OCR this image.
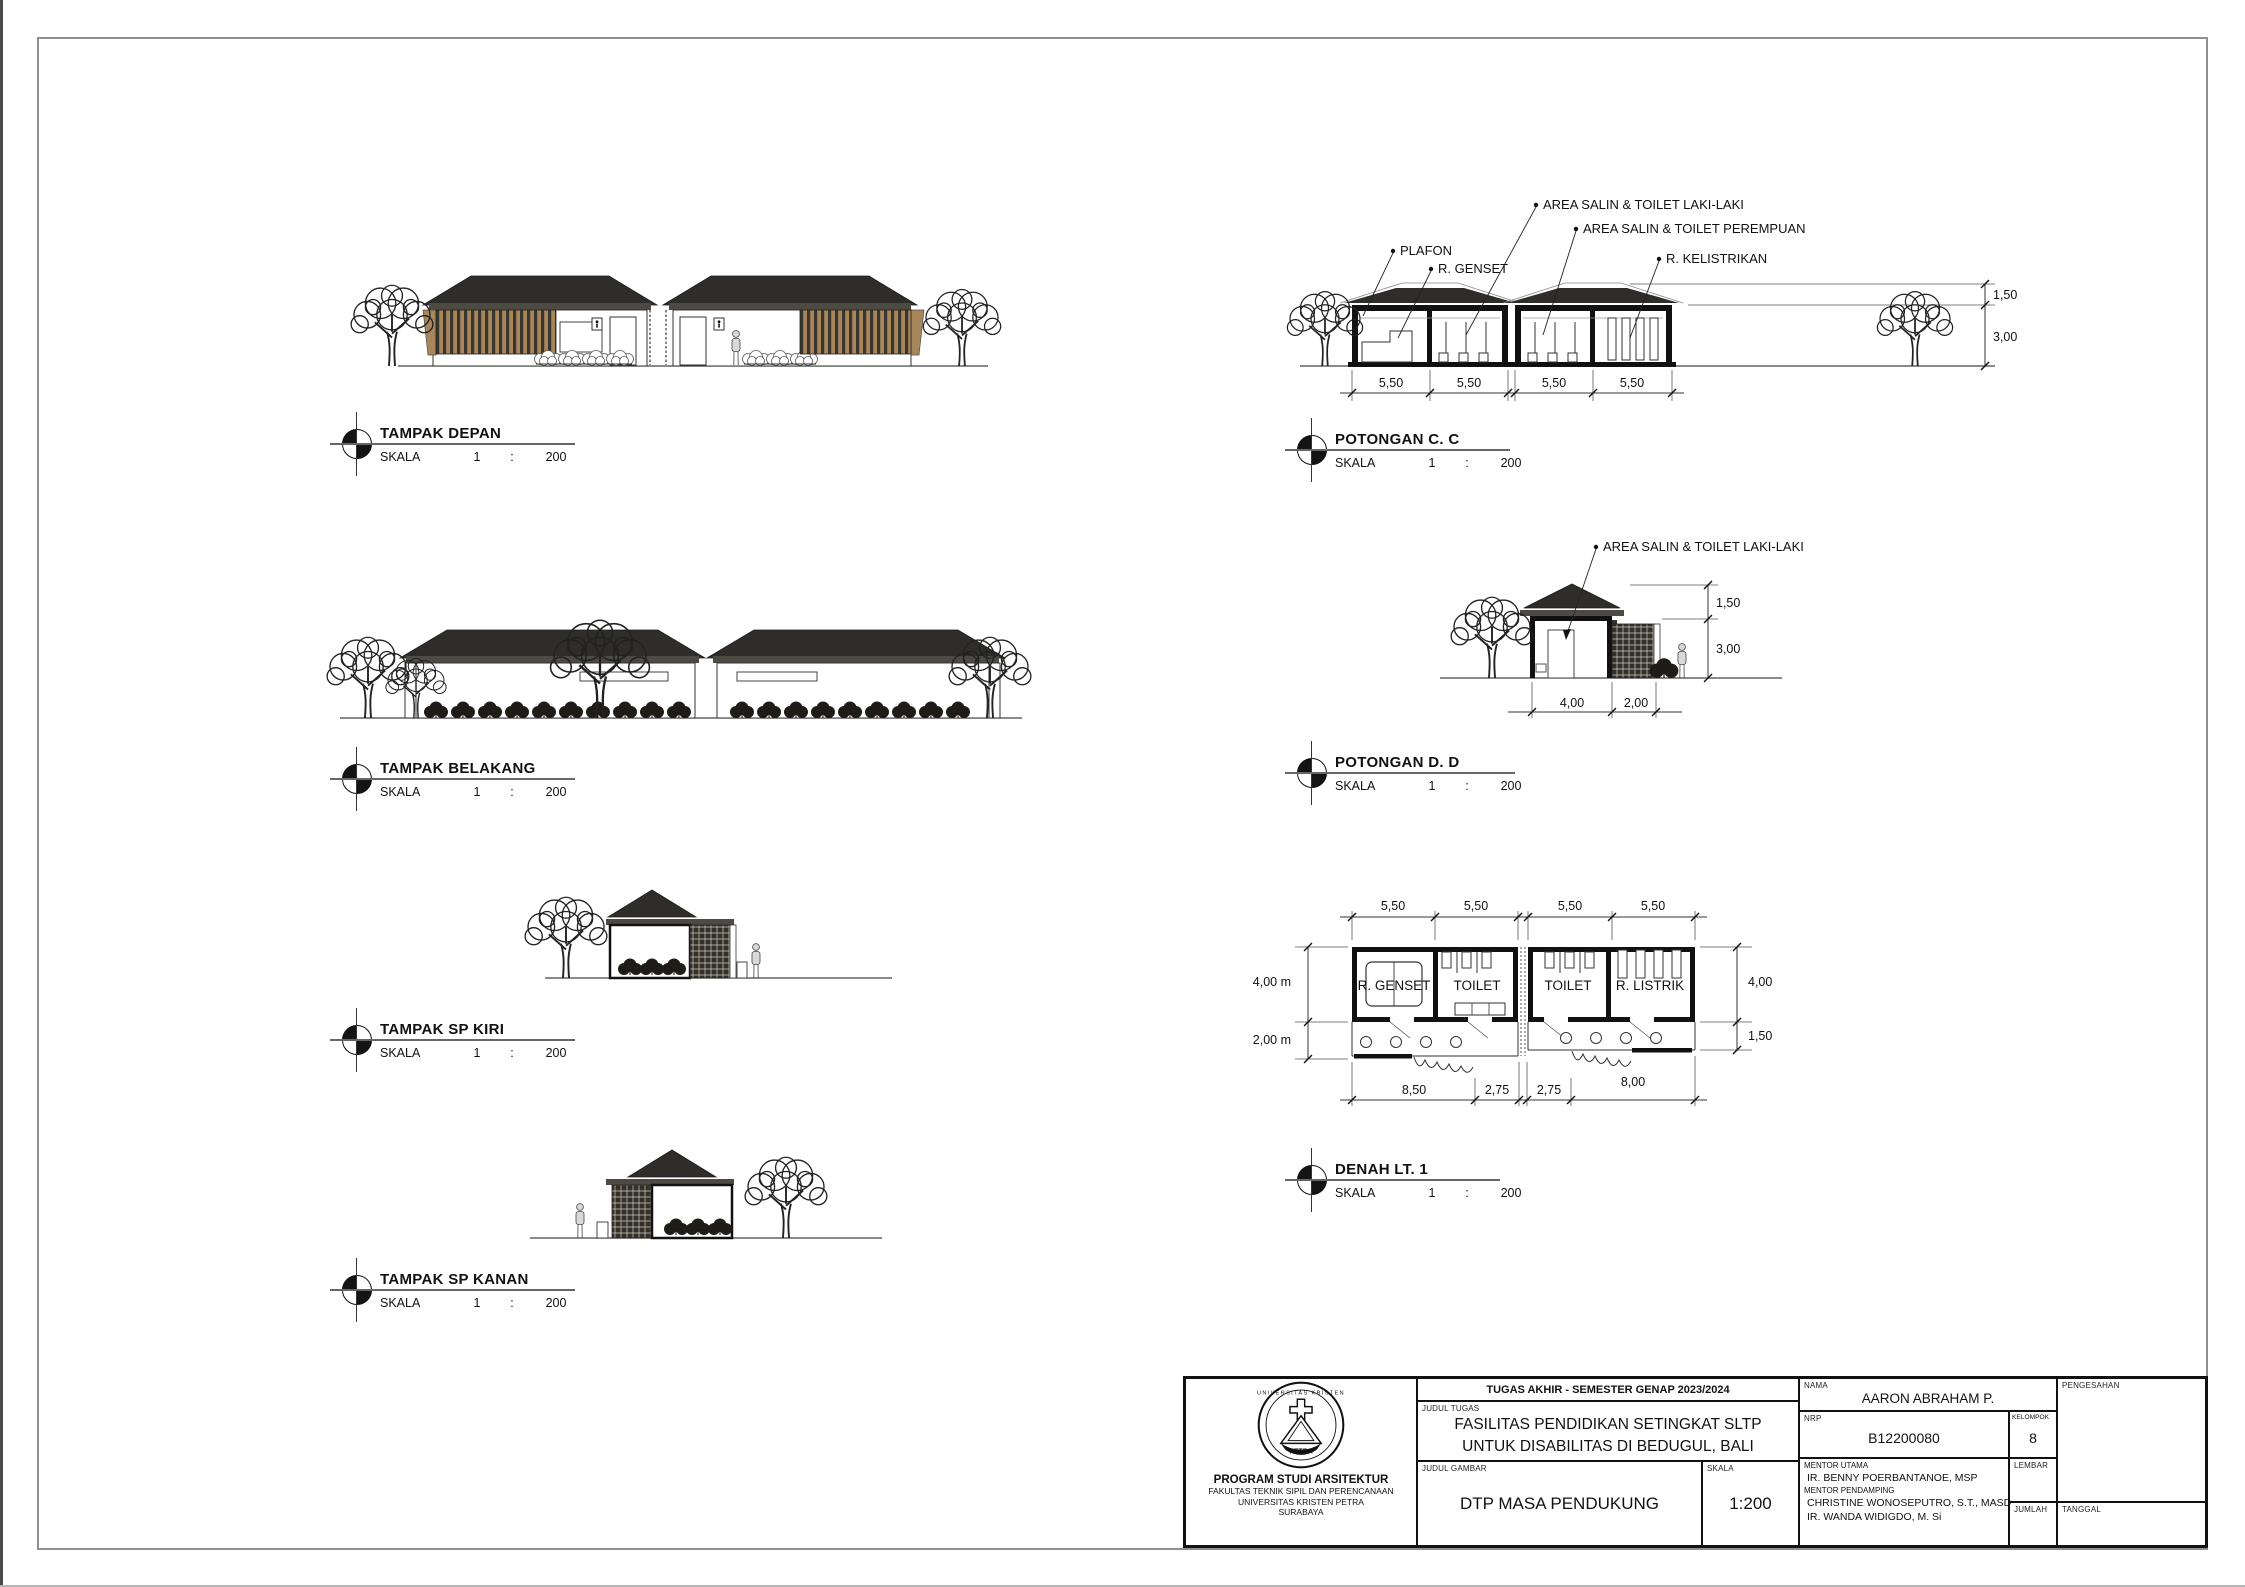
AREA SALIN & TOILET LAKI-LAKI
AREA SALIN & TOILET PEREMPUAN
PLAFON
R. GENSET
R. KELISTRIKAN
1,50
3,00
5,50	5,50	5,50	5,50
AREA SALIN & TOILET LAKI-LAKI
1,50
3,00
4,00	2,00
5,50	5,50	5,50	5,50
R. GENSET TOILET	TOILET R. LISTRIK
4,00 m
2,00 m
4,00
1,50
8,50	2,75 2,75
8,00
TAMPAK DEPAN
SKALA	1	:	200
POTONGAN C. C
SKALA	1	:	200
TAMPAK BELAKANG
SKALA	1	:	200
POTONGAN D. D
SKALA	1	:	200
TAMPAK SP KIRI
SKALA	1	:	200
DENAH LT. 1
SKALA	1	:	200
TAMPAK SP KANAN
SKALA	1	:	200
UNIVERSITAS KRISTEN
PETRA
PROGRAM STUDI ARSITEKTUR
FAKULTAS TEKNIK SIPIL DAN PERENCANAAN
UNIVERSITAS KRISTEN PETRA
SURABAYA
TUGAS AKHIR - SEMESTER GENAP 2023/2024
JUDUL TUGAS
FASILITAS PENDIDIKAN SETINGKAT SLTP
UNTUK DISABILITAS DI BEDUGUL, BALI
JUDUL GAMBAR
DTP MASA PENDUKUNG
SKALA
1:200
NAMA
AARON ABRAHAM P.
NRP
B12200080
KELOMPOK
8
MENTOR UTAMA
IR. BENNY POERBANTANOE, MSP
MENTOR PENDAMPING
CHRISTINE WONOSEPUTRO, S.T., MASD
IR. WANDA WIDIGDO, M. Si
LEMBAR
JUMLAH
PENGESAHAN
TANGGAL
